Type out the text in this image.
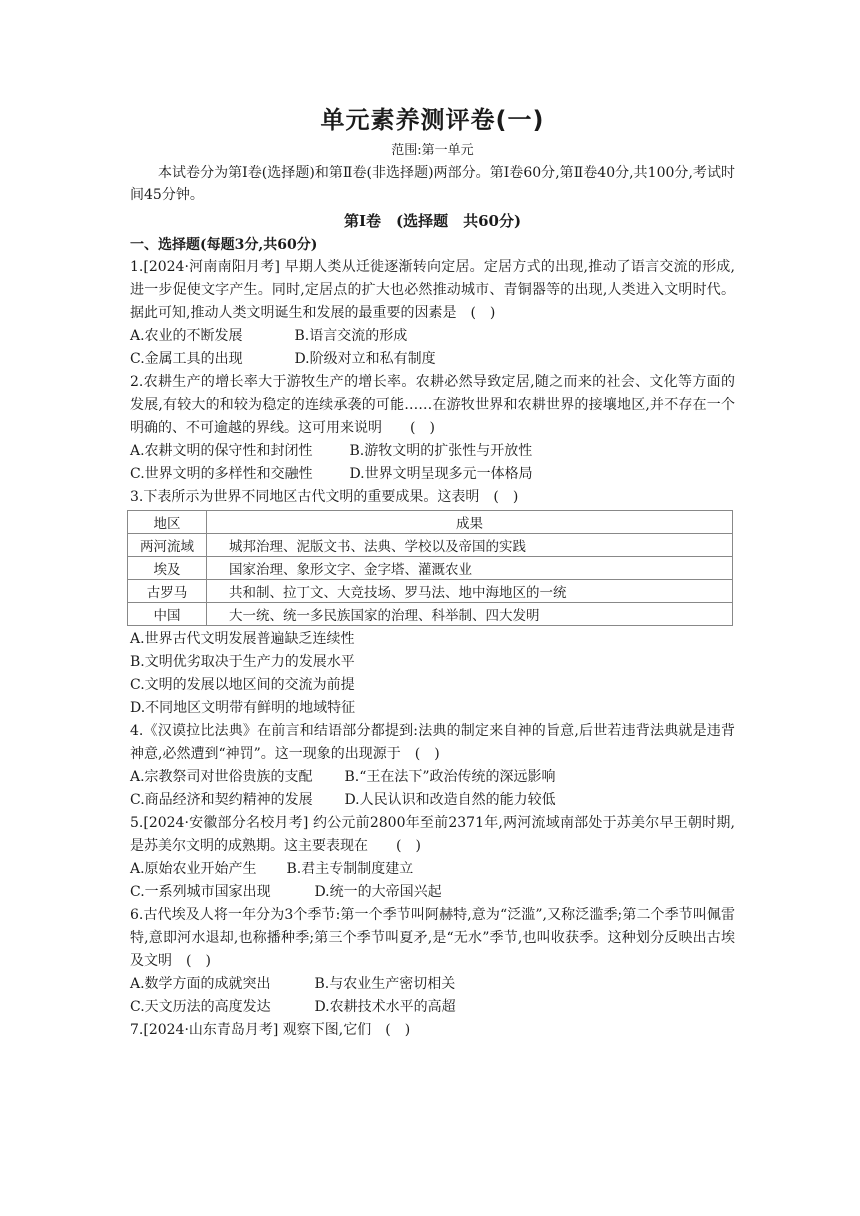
单元素养测评卷(一)
范围:第一单元
本试卷分为第Ⅰ卷(选择题)和第Ⅱ卷(非选择题)两部分。第Ⅰ卷60分,第Ⅱ卷40分,共100分,考试时间45分钟。
第Ⅰ卷　(选择题　共60分)
一、选择题(每题3分,共60分)
1.[2024·河南南阳月考] 早期人类从迁徙逐渐转向定居。定居方式的出现,推动了语言交流的形成,进一步促使文字产生。同时,定居点的扩大也必然推动城市、青铜器等的出现,人类进入文明时代。据此可知,推动人类文明诞生和发展的最重要的因素是　(　)
A.农业的不断发展	B.语言交流的形成
C.金属工具的出现	D.阶级对立和私有制度
2.农耕生产的增长率大于游牧生产的增长率。农耕必然导致定居,随之而来的社会、文化等方面的发展,有较大的和较为稳定的连续承袭的可能……在游牧世界和农耕世界的接壤地区,并不存在一个明确的、不可逾越的界线。这可用来说明　　(　)
A.农耕文明的保守性和封闭性	B.游牧文明的扩张性与开放性
C.世界文明的多样性和交融性	D.世界文明呈现多元一体格局
3.下表所示为世界不同地区古代文明的重要成果。这表明　(　)
地区	成果
两河流域	城邦治理、泥版文书、法典、学校以及帝国的实践
埃及	国家治理、象形文字、金字塔、灌溉农业
古罗马	共和制、拉丁文、大竞技场、罗马法、地中海地区的一统
中国	大一统、统一多民族国家的治理、科举制、四大发明
A.世界古代文明发展普遍缺乏连续性
B.文明优劣取决于生产力的发展水平
C.文明的发展以地区间的交流为前提
D.不同地区文明带有鲜明的地域特征
4.《汉谟拉比法典》在前言和结语部分都提到:法典的制定来自神的旨意,后世若违背法典就是违背神意,必然遭到“神罚”。这一现象的出现源于　(　)
A.宗教祭司对世俗贵族的支配 B.“王在法下”政治传统的深远影响
C.商品经济和契约精神的发展 D.人民认识和改造自然的能力较低
5.[2024·安徽部分名校月考] 约公元前2800年至前2371年,两河流域南部处于苏美尔早王朝时期,是苏美尔文明的成熟期。这主要表现在　　(　)
A.原始农业开始产生 B.君主专制制度建立
C.一系列城市国家出现	D.统一的大帝国兴起
6.古代埃及人将一年分为3个季节:第一个季节叫阿赫特,意为“泛滥”,又称泛滥季;第二个季节叫佩雷特,意即河水退却,也称播种季;第三个季节叫夏矛,是“无水”季节,也叫收获季。这种划分反映出古埃及文明　(　)
A.数学方面的成就突出	B.与农业生产密切相关
C.天文历法的高度发达	D.农耕技术水平的高超
7.[2024·山东青岛月考] 观察下图,它们　(　)
